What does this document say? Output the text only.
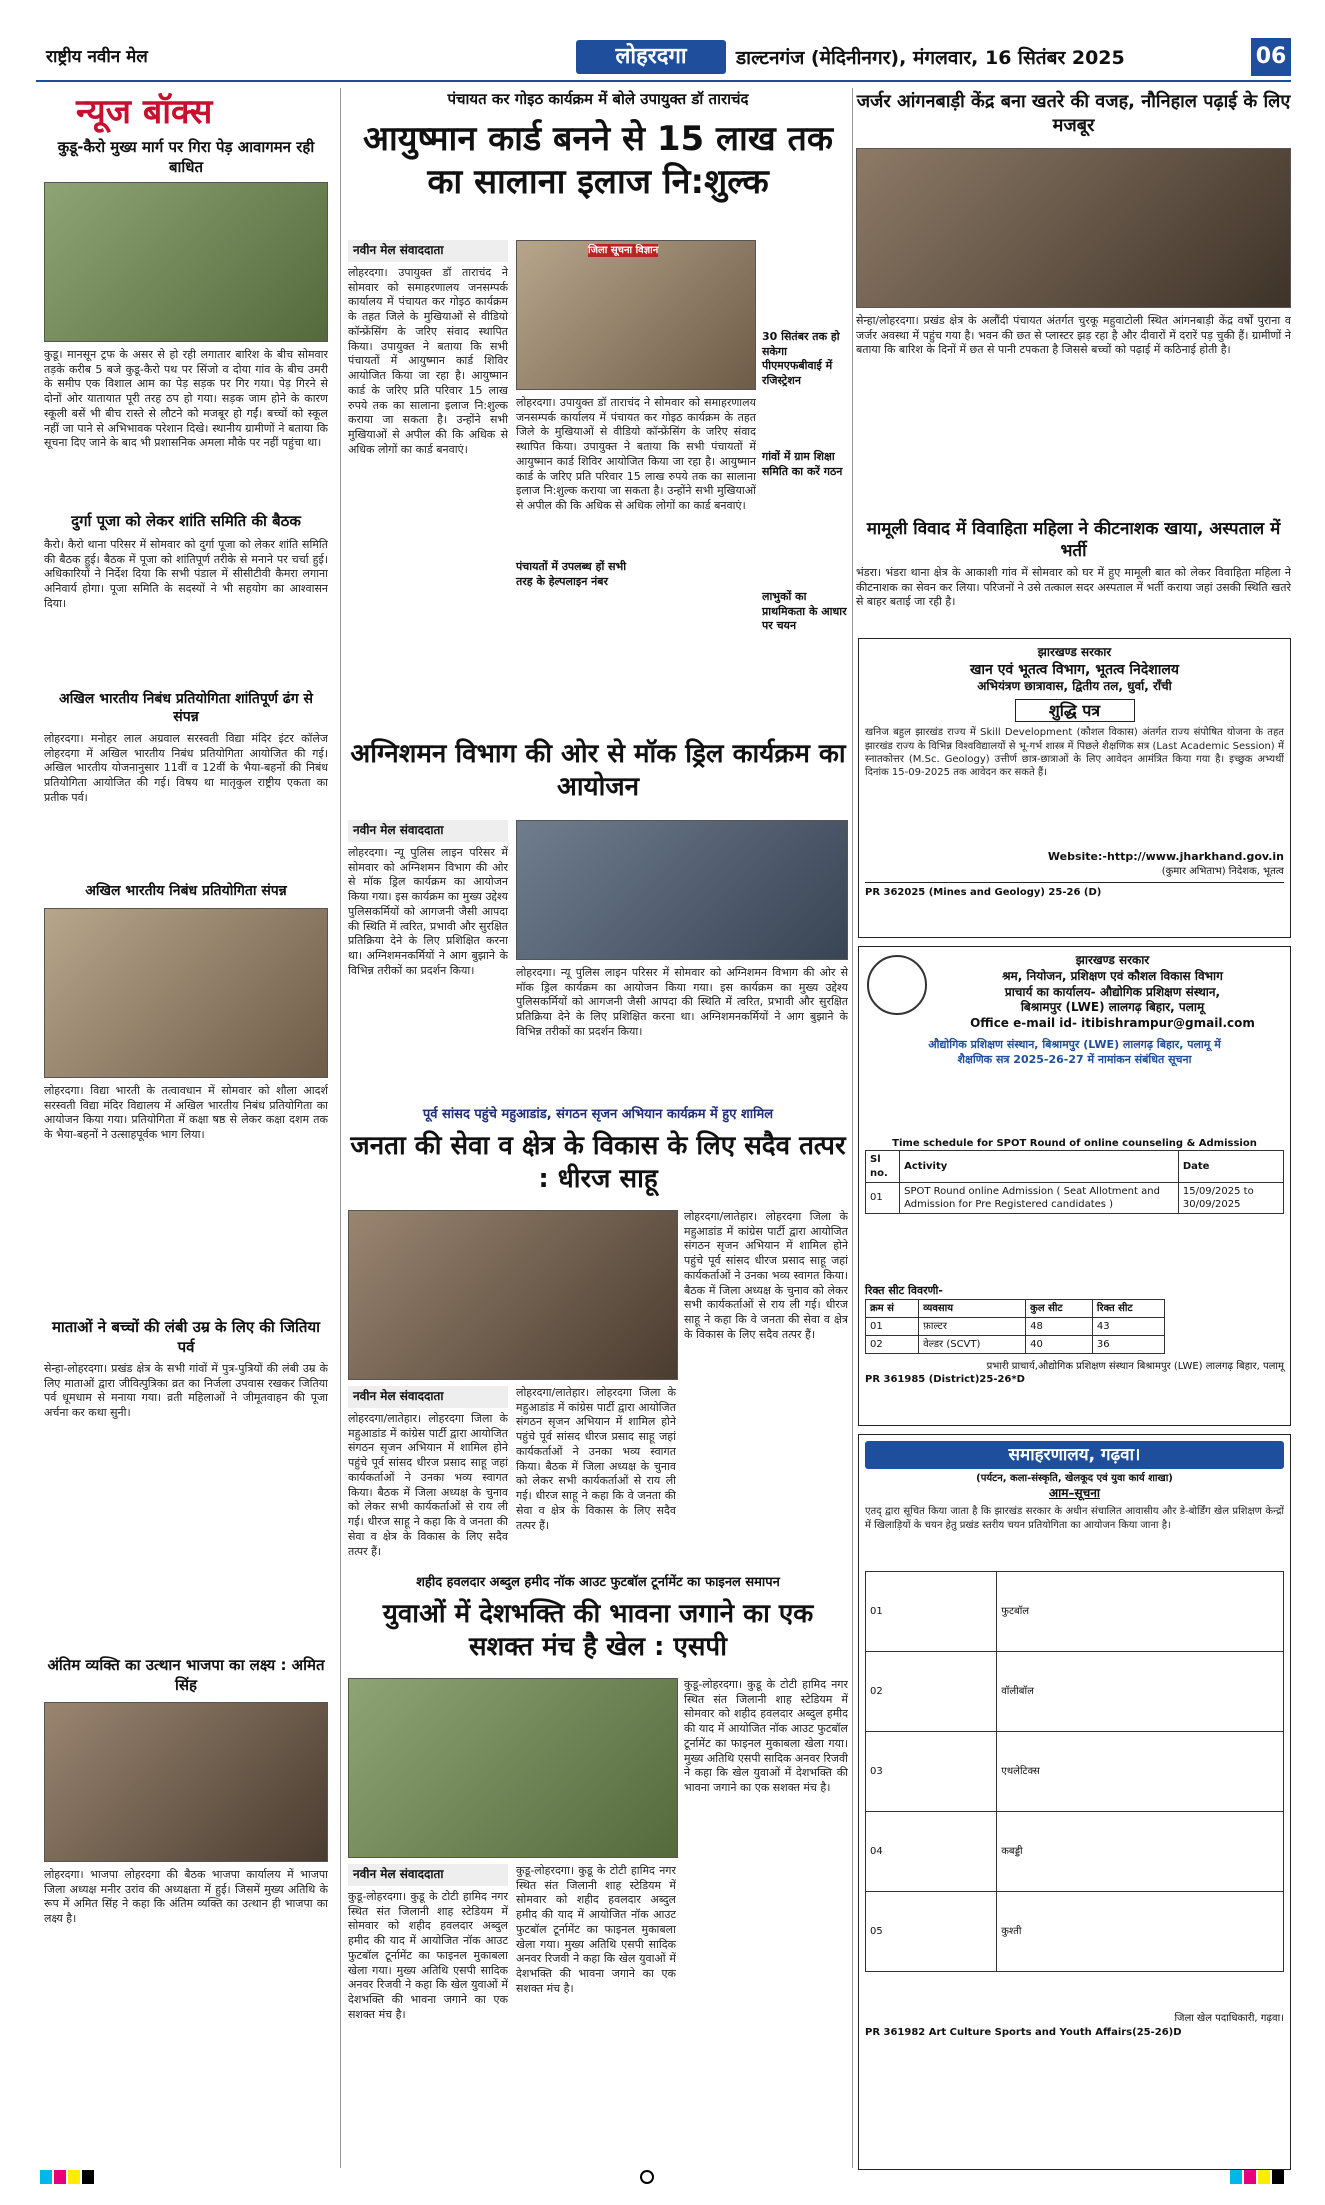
राष्ट्रीय नवीन मेल	लोहरदगा	डाल्टनगंज (मेदिनीनगर), मंगलवार, 16 सितंबर 2025	06
न्यूज बॉक्स
कुडू-कैरो मुख्य मार्ग पर गिरा पेड़ आवागमन रही बाधित
कुडू। मानसून ट्रफ के असर से हो रही लगातार बारिश के बीच सोमवार तड़के करीब 5 बजे कुडू-कैरो पथ पर सिंजो व दोया गांव के बीच उमरी के समीप एक विशाल आम का पेड़ सड़क पर गिर गया। पेड़ गिरने से दोनों ओर यातायात पूरी तरह ठप हो गया। सड़क जाम होने के कारण स्कूली बसें भी बीच रास्ते से लौटने को मजबूर हो गईं। बच्चों को स्कूल नहीं जा पाने से अभिभावक परेशान दिखे। स्थानीय ग्रामीणों ने बताया कि सूचना दिए जाने के बाद भी प्रशासनिक अमला मौके पर नहीं पहुंचा था।
दुर्गा पूजा को लेकर शांति समिति की बैठक
कैरो। कैरो थाना परिसर में सोमवार को दुर्गा पूजा को लेकर शांति समिति की बैठक हुई। बैठक में पूजा को शांतिपूर्ण तरीके से मनाने पर चर्चा हुई। अधिकारियों ने निर्देश दिया कि सभी पंडाल में सीसीटीवी कैमरा लगाना अनिवार्य होगा। पूजा समिति के सदस्यों ने भी सहयोग का आश्वासन दिया।
अखिल भारतीय निबंध प्रतियोगिता शांतिपूर्ण ढंग से संपन्न
लोहरदगा। मनोहर लाल अग्रवाल सरस्वती विद्या मंदिर इंटर कॉलेज लोहरदगा में अखिल भारतीय निबंध प्रतियोगिता आयोजित की गई। अखिल भारतीय योजनानुसार 11वीं व 12वीं के भैया-बहनों की निबंध प्रतियोगिता आयोजित की गई। विषय था मातृकुल राष्ट्रीय एकता का प्रतीक पर्व।
अखिल भारतीय निबंध प्रतियोगिता संपन्न
लोहरदगा। विद्या भारती के तत्वावधान में सोमवार को शौला आदर्श सरस्वती विद्या मंदिर विद्यालय में अखिल भारतीय निबंध प्रतियोगिता का आयोजन किया गया। प्रतियोगिता में कक्षा षष्ठ से लेकर कक्षा दशम तक के भैया-बहनों ने उत्साहपूर्वक भाग लिया।
माताओं ने बच्चों की लंबी उम्र के लिए की जितिया पर्व
सेन्हा-लोहरदगा। प्रखंड क्षेत्र के सभी गांवों में पुत्र-पुत्रियों की लंबी उम्र के लिए माताओं द्वारा जीवित्पुत्रिका व्रत का निर्जला उपवास रखकर जितिया पर्व धूमधाम से मनाया गया। व्रती महिलाओं ने जीमूतवाहन की पूजा अर्चना कर कथा सुनी।
अंतिम व्यक्ति का उत्थान भाजपा का लक्ष्य : अमित सिंह
लोहरदगा। भाजपा लोहरदगा की बैठक भाजपा कार्यालय में भाजपा जिला अध्यक्ष मनीर उरांव की अध्यक्षता में हुई। जिसमें मुख्य अतिथि के रूप में अमित सिंह ने कहा कि अंतिम व्यक्ति का उत्थान ही भाजपा का लक्ष्य है।
पंचायत कर गोइठ कार्यक्रम में बोले उपायुक्त डॉ ताराचंद
आयुष्मान कार्ड बनने से 15 लाख तक का सालाना इलाज नि:शुल्क
नवीन मेल संवाददाता
लोहरदगा। उपायुक्त डॉ ताराचंद ने सोमवार को समाहरणालय जनसम्पर्क कार्यालय में पंचायत कर गोइठ कार्यक्रम के तहत जिले के मुखियाओं से वीडियो कॉन्फ्रेंसिंग के जरिए संवाद स्थापित किया। उपायुक्त ने बताया कि सभी पंचायतों में आयुष्मान कार्ड शिविर आयोजित किया जा रहा है। आयुष्मान कार्ड के जरिए प्रति परिवार 15 लाख रुपये तक का सालाना इलाज नि:शुल्क कराया जा सकता है। उन्होंने सभी मुखियाओं से अपील की कि अधिक से अधिक लोगों का कार्ड बनवाएं।
जिला सूचना विज्ञान
लोहरदगा। उपायुक्त डॉ ताराचंद ने सोमवार को समाहरणालय जनसम्पर्क कार्यालय में पंचायत कर गोइठ कार्यक्रम के तहत जिले के मुखियाओं से वीडियो कॉन्फ्रेंसिंग के जरिए संवाद स्थापित किया। उपायुक्त ने बताया कि सभी पंचायतों में आयुष्मान कार्ड शिविर आयोजित किया जा रहा है। आयुष्मान कार्ड के जरिए प्रति परिवार 15 लाख रुपये तक का सालाना इलाज नि:शुल्क कराया जा सकता है। उन्होंने सभी मुखियाओं से अपील की कि अधिक से अधिक लोगों का कार्ड बनवाएं।
30 सितंबर तक हो सकेगा पीएमएफबीवाई में रजिस्ट्रेशन
गांवों में ग्राम शिक्षा समिति का करें गठन
पंचायतों में उपलब्ध हों सभी तरह के हेल्पलाइन नंबर
लाभुकों का प्राथमिकता के आधार पर चयन
जर्जर आंगनबाड़ी केंद्र बना खतरे की वजह, नौनिहाल पढ़ाई के लिए मजबूर
सेन्हा/लोहरदगा। प्रखंड क्षेत्र के अलौंदी पंचायत अंतर्गत चुरकू महुवाटोली स्थित आंगनबाड़ी केंद्र वर्षों पुराना व जर्जर अवस्था में पहुंच गया है। भवन की छत से प्लास्टर झड़ रहा है और दीवारों में दरारें पड़ चुकी हैं। ग्रामीणों ने बताया कि बारिश के दिनों में छत से पानी टपकता है जिससे बच्चों को पढ़ाई में कठिनाई होती है।
मामूली विवाद में विवाहिता महिला ने कीटनाशक खाया, अस्पताल में भर्ती
भंडरा। भंडरा थाना क्षेत्र के आकाशी गांव में सोमवार को घर में हुए मामूली बात को लेकर विवाहिता महिला ने कीटनाशक का सेवन कर लिया। परिजनों ने उसे तत्काल सदर अस्पताल में भर्ती कराया जहां उसकी स्थिति खतरे से बाहर बताई जा रही है।
अग्निशमन विभाग की ओर से मॉक ड्रिल कार्यक्रम का आयोजन
नवीन मेल संवाददाता
लोहरदगा। न्यू पुलिस लाइन परिसर में सोमवार को अग्निशमन विभाग की ओर से मॉक ड्रिल कार्यक्रम का आयोजन किया गया। इस कार्यक्रम का मुख्य उद्देश्य पुलिसकर्मियों को आगजनी जैसी आपदा की स्थिति में त्वरित, प्रभावी और सुरक्षित प्रतिक्रिया देने के लिए प्रशिक्षित करना था। अग्निशमनकर्मियों ने आग बुझाने के विभिन्न तरीकों का प्रदर्शन किया।	लोहरदगा। न्यू पुलिस लाइन परिसर में सोमवार को अग्निशमन विभाग की ओर से मॉक ड्रिल कार्यक्रम का आयोजन किया गया। इस कार्यक्रम का मुख्य उद्देश्य पुलिसकर्मियों को आगजनी जैसी आपदा की स्थिति में त्वरित, प्रभावी और सुरक्षित प्रतिक्रिया देने के लिए प्रशिक्षित करना था। अग्निशमनकर्मियों ने आग बुझाने के विभिन्न तरीकों का प्रदर्शन किया।
पूर्व सांसद पहुंचे महुआडांड, संगठन सृजन अभियान कार्यक्रम में हुए शामिल
जनता की सेवा व क्षेत्र के विकास के लिए सदैव तत्पर : धीरज साहू
नवीन मेल संवाददाता
लोहरदगा/लातेहार। लोहरदगा जिला के महुआडांड में कांग्रेस पार्टी द्वारा आयोजित संगठन सृजन अभियान में शामिल होने पहुंचे पूर्व सांसद धीरज प्रसाद साहू जहां कार्यकर्ताओं ने उनका भव्य स्वागत किया। बैठक में जिला अध्यक्ष के चुनाव को लेकर सभी कार्यकर्ताओं से राय ली गई। धीरज साहू ने कहा कि वे जनता की सेवा व क्षेत्र के विकास के लिए सदैव तत्पर हैं।
लोहरदगा/लातेहार। लोहरदगा जिला के महुआडांड में कांग्रेस पार्टी द्वारा आयोजित संगठन सृजन अभियान में शामिल होने पहुंचे पूर्व सांसद धीरज प्रसाद साहू जहां कार्यकर्ताओं ने उनका भव्य स्वागत किया। बैठक में जिला अध्यक्ष के चुनाव को लेकर सभी कार्यकर्ताओं से राय ली गई। धीरज साहू ने कहा कि वे जनता की सेवा व क्षेत्र के विकास के लिए सदैव तत्पर हैं।
लोहरदगा/लातेहार। लोहरदगा जिला के महुआडांड में कांग्रेस पार्टी द्वारा आयोजित संगठन सृजन अभियान में शामिल होने पहुंचे पूर्व सांसद धीरज प्रसाद साहू जहां कार्यकर्ताओं ने उनका भव्य स्वागत किया। बैठक में जिला अध्यक्ष के चुनाव को लेकर सभी कार्यकर्ताओं से राय ली गई। धीरज साहू ने कहा कि वे जनता की सेवा व क्षेत्र के विकास के लिए सदैव तत्पर हैं।
शहीद हवलदार अब्दुल हमीद नॉक आउट फुटबॉल टूर्नामेंट का फाइनल समापन
युवाओं में देशभक्ति की भावना जगाने का एक सशक्त मंच है खेल : एसपी
नवीन मेल संवाददाता
कुडू-लोहरदगा। कुडू के टोटी हामिद नगर स्थित संत जिलानी शाह स्टेडियम में सोमवार को शहीद हवलदार अब्दुल हमीद की याद में आयोजित नॉक आउट फुटबॉल टूर्नामेंट का फाइनल मुकाबला खेला गया। मुख्य अतिथि एसपी सादिक अनवर रिजवी ने कहा कि खेल युवाओं में देशभक्ति की भावना जगाने का एक सशक्त मंच है।
कुडू-लोहरदगा। कुडू के टोटी हामिद नगर स्थित संत जिलानी शाह स्टेडियम में सोमवार को शहीद हवलदार अब्दुल हमीद की याद में आयोजित नॉक आउट फुटबॉल टूर्नामेंट का फाइनल मुकाबला खेला गया। मुख्य अतिथि एसपी सादिक अनवर रिजवी ने कहा कि खेल युवाओं में देशभक्ति की भावना जगाने का एक सशक्त मंच है।
कुडू-लोहरदगा। कुडू के टोटी हामिद नगर स्थित संत जिलानी शाह स्टेडियम में सोमवार को शहीद हवलदार अब्दुल हमीद की याद में आयोजित नॉक आउट फुटबॉल टूर्नामेंट का फाइनल मुकाबला खेला गया। मुख्य अतिथि एसपी सादिक अनवर रिजवी ने कहा कि खेल युवाओं में देशभक्ति की भावना जगाने का एक सशक्त मंच है।
झारखण्ड सरकार
खान एवं भूतत्व विभाग, भूतत्व निदेशालय
अभियंत्रण छात्रावास, द्वितीय तल, धुर्वा, राँची
शुद्धि पत्र
खनिज बहुल झारखंड राज्य में Skill Development (कौशल विकास) अंतर्गत राज्य संपोषित योजना के तहत झारखंड राज्य के विभिन्न विश्वविद्यालयों से भू-गर्भ शास्त्र में पिछले शैक्षणिक सत्र (Last Academic Session) में स्नातकोत्तर (M.Sc. Geology) उत्तीर्ण छात्र-छात्राओं के लिए आवेदन आमंत्रित किया गया है। इच्छुक अभ्यर्थी दिनांक 15-09-2025 तक आवेदन कर सकते हैं।
Website:-http://www.jharkhand.gov.in
(कुमार अभिताभ) निदेशक, भूतत्व
PR 362025 (Mines and Geology) 25-26 (D)
झारखण्ड सरकार
श्रम, नियोजन, प्रशिक्षण एवं कौशल विकास विभाग
प्राचार्य का कार्यालय- औद्योगिक प्रशिक्षण संस्थान,
बिश्रामपुर (LWE) लालगढ़ बिहार, पलामू
Office e-mail id- itibishrampur@gmail.com
औद्योगिक प्रशिक्षण संस्थान, बिश्रामपुर (LWE) लालगढ़ बिहार, पलामू में
शैक्षणिक सत्र 2025-26-27 में नामांकन संबंधित सूचना
Time schedule for SPOT Round of online counseling & Admission
Sl no.	Activity	Date
01	SPOT Round online Admission ( Seat Allotment and Admission for Pre Registered candidates )	15/09/2025 to 30/09/2025
रिक्त सीट विवरणी-
क्रम सं	व्यवसाय	कुल सीट	रिक्त सीट
01	फ़ाल्टर	48	43
02	वेल्डर (SCVT)	40	36
प्रभारी प्राचार्य,औद्योगिक प्रशिक्षण संस्थान बिश्रामपुर (LWE) लालगढ़ बिहार, पलामू
PR 361985 (District)25-26*D
समाहरणालय, गढ़वा।
(पर्यटन, कला-संस्कृति, खेलकूद एवं युवा कार्य शाखा)
आम–सूचना
एतद् द्वारा सूचित किया जाता है कि झारखंड सरकार के अधीन संचालित आवासीय और डे-बोर्डिंग खेल प्रशिक्षण केन्द्रों में खिलाड़ियों के चयन हेतु प्रखंड स्तरीय चयन प्रतियोगिता का आयोजन किया जाना है।
01	फुटबॉल
02	वॉलीबॉल
03	एथलेटिक्स
04	कबड्डी
05	कुश्ती
जिला खेल पदाधिकारी, गढ़वा।
PR 361982 Art Culture Sports and Youth Affairs(25-26)D
